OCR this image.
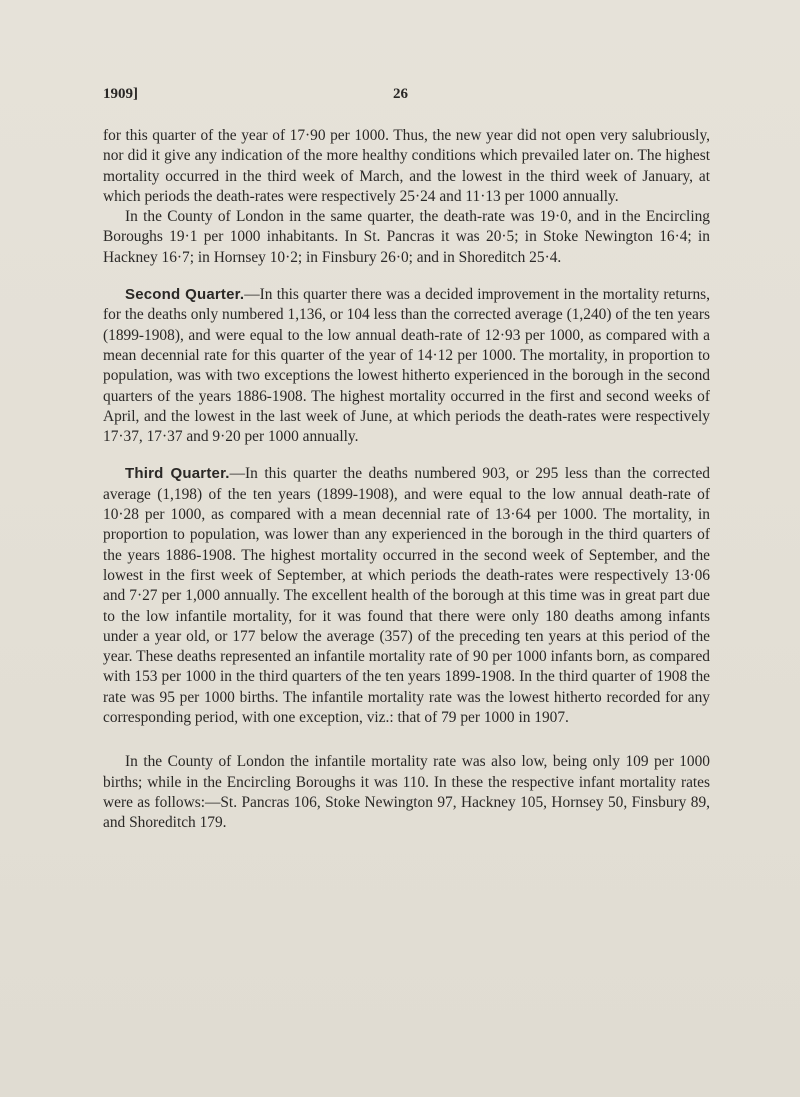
1909]	26

for this quarter of the year of 17·90 per 1000. Thus, the new year did not open very salubriously, nor did it give any indication of the more healthy conditions which prevailed later on. The highest mortality occurred in the third week of March, and the lowest in the third week of January, at which periods the death-rates were respectively 25·24 and 11·13 per 1000 annually.

In the County of London in the same quarter, the death-rate was 19·0, and in the Encircling Boroughs 19·1 per 1000 inhabitants. In St. Pancras it was 20·5; in Stoke Newington 16·4; in Hackney 16·7; in Hornsey 10·2; in Finsbury 26·0; and in Shoreditch 25·4.

Second Quarter.—In this quarter there was a decided improvement in the mortality returns, for the deaths only numbered 1,136, or 104 less than the corrected average (1,240) of the ten years (1899-1908), and were equal to the low annual death-rate of 12·93 per 1000, as compared with a mean decennial rate for this quarter of the year of 14·12 per 1000. The mortality, in proportion to population, was with two exceptions the lowest hitherto experienced in the borough in the second quarters of the years 1886-1908. The highest mortality occurred in the first and second weeks of April, and the lowest in the last week of June, at which periods the death-rates were respectively 17·37, 17·37 and 9·20 per 1000 annually.

Third Quarter.—In this quarter the deaths numbered 903, or 295 less than the corrected average (1,198) of the ten years (1899-1908), and were equal to the low annual death-rate of 10·28 per 1000, as compared with a mean decennial rate of 13·64 per 1000. The mortality, in proportion to population, was lower than any experienced in the borough in the third quarters of the years 1886-1908. The highest mortality occurred in the second week of September, and the lowest in the first week of September, at which periods the death-rates were respectively 13·06 and 7·27 per 1,000 annually. The excellent health of the borough at this time was in great part due to the low infantile mortality, for it was found that there were only 180 deaths among infants under a year old, or 177 below the average (357) of the preceding ten years at this period of the year. These deaths represented an infantile mortality rate of 90 per 1000 infants born, as compared with 153 per 1000 in the third quarters of the ten years 1899-1908. In the third quarter of 1908 the rate was 95 per 1000 births. The infantile mortality rate was the lowest hitherto recorded for any corresponding period, with one exception, viz.: that of 79 per 1000 in 1907.

In the County of London the infantile mortality rate was also low, being only 109 per 1000 births; while in the Encircling Boroughs it was 110. In these the respective infant mortality rates were as follows:—St. Pancras 106, Stoke Newington 97, Hackney 105, Hornsey 50, Finsbury 89, and Shoreditch 179.
